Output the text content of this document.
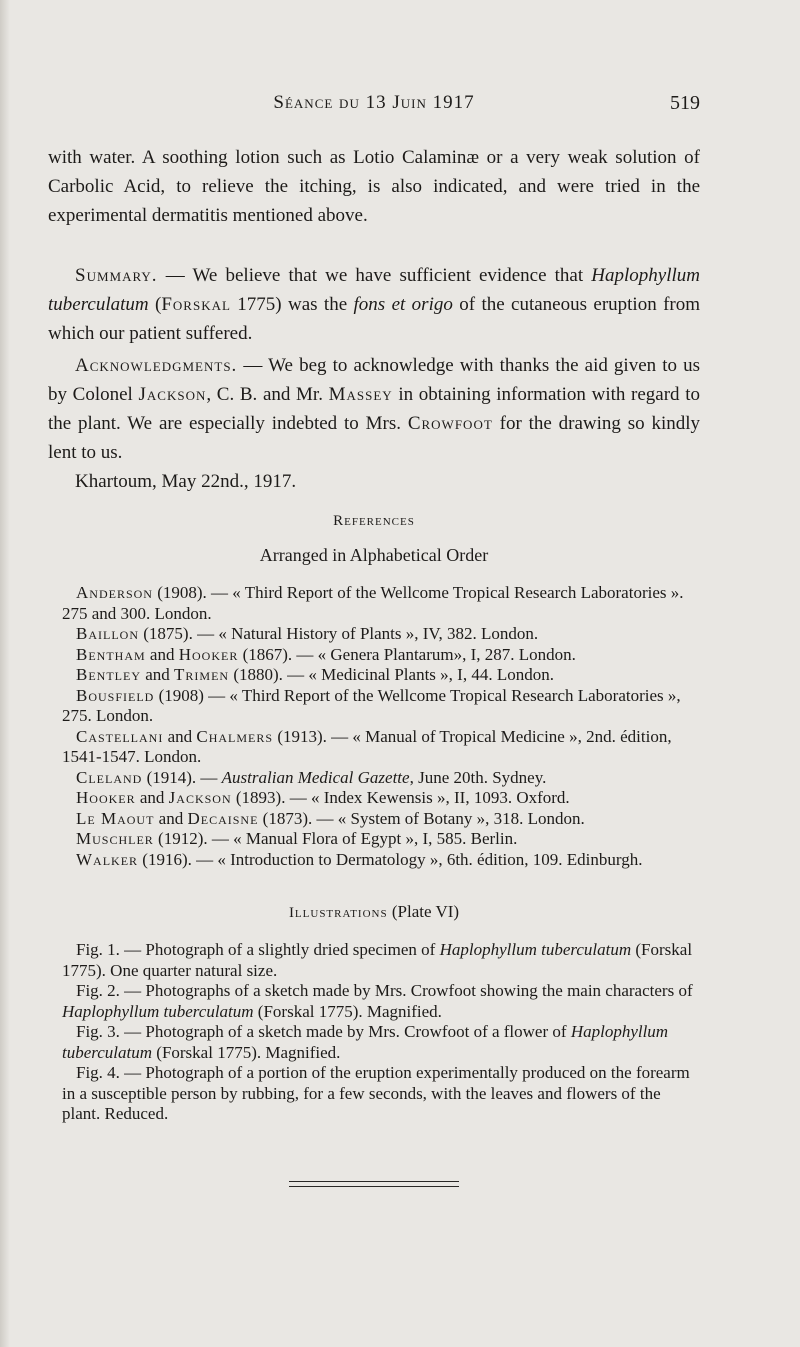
Séance du 13 Juin 1917	519

with water. A soothing lotion such as Lotio Calaminæ or a very weak solution of Carbolic Acid, to relieve the itching, is also indicated, and were tried in the experimental dermatitis mentioned above.

Summary. — We believe that we have sufficient evidence that Haplophyllum tuberculatum (Forskal 1775) was the fons et origo of the cutaneous eruption from which our patient suffered.

Acknowledgments. — We beg to acknowledge with thanks the aid given to us by Colonel Jackson, C. B. and Mr. Massey in obtaining information with regard to the plant. We are especially indebted to Mrs. Crowfoot for the drawing so kindly lent to us.

Khartoum, May 22nd., 1917.

References
Arranged in Alphabetical Order

Anderson (1908). — « Third Report of the Wellcome Tropical Research Laboratories ». 275 and 300. London.

Baillon (1875). — « Natural History of Plants », IV, 382. London.

Bentham and Hooker (1867). — « Genera Plantarum», I, 287. London.

Bentley and Trimen (1880). — « Medicinal Plants », I, 44. London.

Bousfield (1908) — « Third Report of the Wellcome Tropical Research Laboratories », 275. London.

Castellani and Chalmers (1913). — « Manual of Tropical Medicine », 2nd. édition, 1541-1547. London.

Cleland (1914). — Australian Medical Gazette, June 20th. Sydney.

Hooker and Jackson (1893). — « Index Kewensis », II, 1093. Oxford.

Le Maout and Decaisne (1873). — « System of Botany », 318. London.

Muschler (1912). — « Manual Flora of Egypt », I, 585. Berlin.

Walker (1916). — « Introduction to Dermatology », 6th. édition, 109. Edinburgh.

Illustrations (Plate VI)

Fig. 1. — Photograph of a slightly dried specimen of Haplophyllum tuberculatum (Forskal 1775). One quarter natural size.

Fig. 2. — Photographs of a sketch made by Mrs. Crowfoot showing the main characters of Haplophyllum tuberculatum (Forskal 1775). Magnified.

Fig. 3. — Photograph of a sketch made by Mrs. Crowfoot of a flower of Haplophyllum tuberculatum (Forskal 1775). Magnified.

Fig. 4. — Photograph of a portion of the eruption experimentally produced on the forearm in a susceptible person by rubbing, for a few seconds, with the leaves and flowers of the plant. Reduced.
